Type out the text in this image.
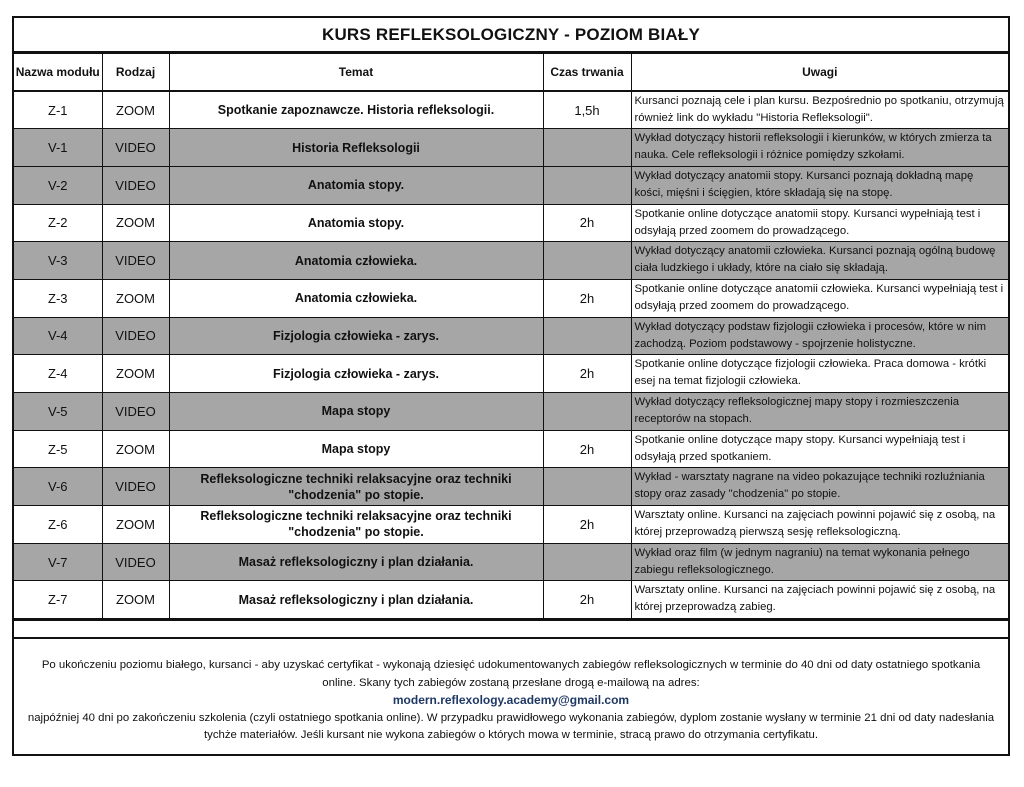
KURS REFLEKSOLOGICZNY - POZIOM BIAŁY
Nazwa modułu	Rodzaj	Temat	Czas trwania	Uwagi
Z-1	ZOOM	Spotkanie zapoznawcze. Historia refleksologii.	1,5h	Kursanci poznają cele i plan kursu. Bezpośrednio po spotkaniu, otrzymują również link do wykładu "Historia Refleksologii".
V-1	VIDEO	Historia Refleksologii		Wykład dotyczący historii refleksologii i kierunków, w których zmierza ta nauka. Cele refleksologii i różnice pomiędzy szkołami.
V-2	VIDEO	Anatomia stopy.		Wykład dotyczący anatomii stopy. Kursanci poznają dokładną mapę kości, mięśni i ścięgien, które składają się na stopę.
Z-2	ZOOM	Anatomia stopy.	2h	Spotkanie online dotyczące anatomii stopy. Kursanci wypełniają test i odsyłają przed zoomem do prowadzącego.
V-3	VIDEO	Anatomia człowieka.		Wykład dotyczący anatomii człowieka. Kursanci poznają ogólną budowę ciała ludzkiego i układy, które na ciało się składają.
Z-3	ZOOM	Anatomia człowieka.	2h	Spotkanie online dotyczące anatomii człowieka. Kursanci wypełniają test i odsyłają przed zoomem do prowadzącego.
V-4	VIDEO	Fizjologia człowieka - zarys.		Wykład dotyczący podstaw fizjologii człowieka i procesów, które w nim zachodzą. Poziom podstawowy - spojrzenie holistyczne.
Z-4	ZOOM	Fizjologia człowieka - zarys.	2h	Spotkanie online dotyczące fizjologii człowieka. Praca domowa - krótki esej na temat fizjologii człowieka.
V-5	VIDEO	Mapa stopy		Wykład dotyczący refleksologicznej mapy stopy i rozmieszczenia receptorów na stopach.
Z-5	ZOOM	Mapa stopy	2h	Spotkanie online dotyczące mapy stopy. Kursanci wypełniają test i odsyłają przed spotkaniem.
V-6	VIDEO	Refleksologiczne techniki relaksacyjne oraz techniki "chodzenia" po stopie.		Wykład - warsztaty nagrane na video pokazujące techniki rozluźniania stopy oraz zasady "chodzenia" po stopie.
Z-6	ZOOM	Refleksologiczne techniki relaksacyjne oraz techniki "chodzenia" po stopie.	2h	Warsztaty online. Kursanci na zajęciach powinni pojawić się z osobą, na której przeprowadzą pierwszą sesję refleksologiczną.
V-7	VIDEO	Masaż refleksologiczny i plan działania.		Wykład oraz film (w jednym nagraniu) na temat wykonania pełnego zabiegu refleksologicznego.
Z-7	ZOOM	Masaż refleksologiczny i plan działania.	2h	Warsztaty online. Kursanci na zajęciach powinni pojawić się z osobą, na której przeprowadzą zabieg.
Po ukończeniu poziomu białego, kursanci - aby uzyskać certyfikat - wykonają dziesięć udokumentowanych zabiegów refleksologicznych w terminie do 40 dni od daty ostatniego spotkania online. Skany tych zabiegów zostaną przesłane drogą e-mailową na adres:
modern.reflexology.academy@gmail.com
najpóźniej 40 dni po zakończeniu szkolenia (czyli ostatniego spotkania online). W przypadku prawidłowego wykonania zabiegów, dyplom zostanie wysłany w terminie 21 dni od daty nadesłania tychże materiałów. Jeśli kursant nie wykona zabiegów o których mowa w terminie, stracą prawo do otrzymania certyfikatu.
